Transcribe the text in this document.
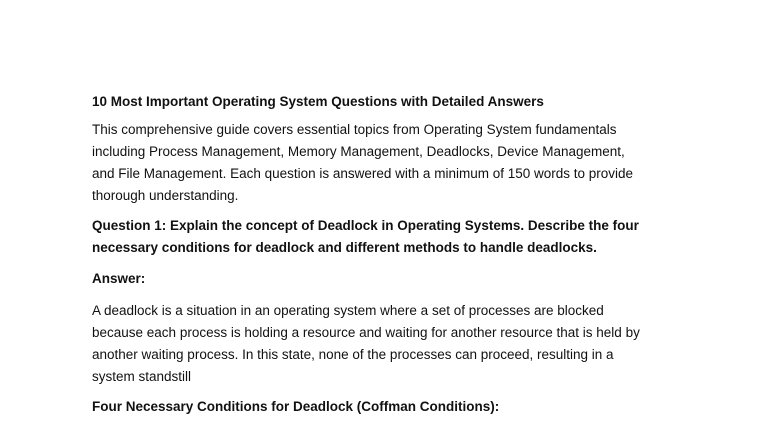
10 Most Important Operating System Questions with Detailed Answers
This comprehensive guide covers essential topics from Operating System fundamentals
including Process Management, Memory Management, Deadlocks, Device Management,
and File Management. Each question is answered with a minimum of 150 words to provide
thorough understanding.
Question 1: Explain the concept of Deadlock in Operating Systems. Describe the four
necessary conditions for deadlock and different methods to handle deadlocks.
Answer:
A deadlock is a situation in an operating system where a set of processes are blocked
because each process is holding a resource and waiting for another resource that is held by
another waiting process. In this state, none of the processes can proceed, resulting in a
system standstill
Four Necessary Conditions for Deadlock (Coffman Conditions):
